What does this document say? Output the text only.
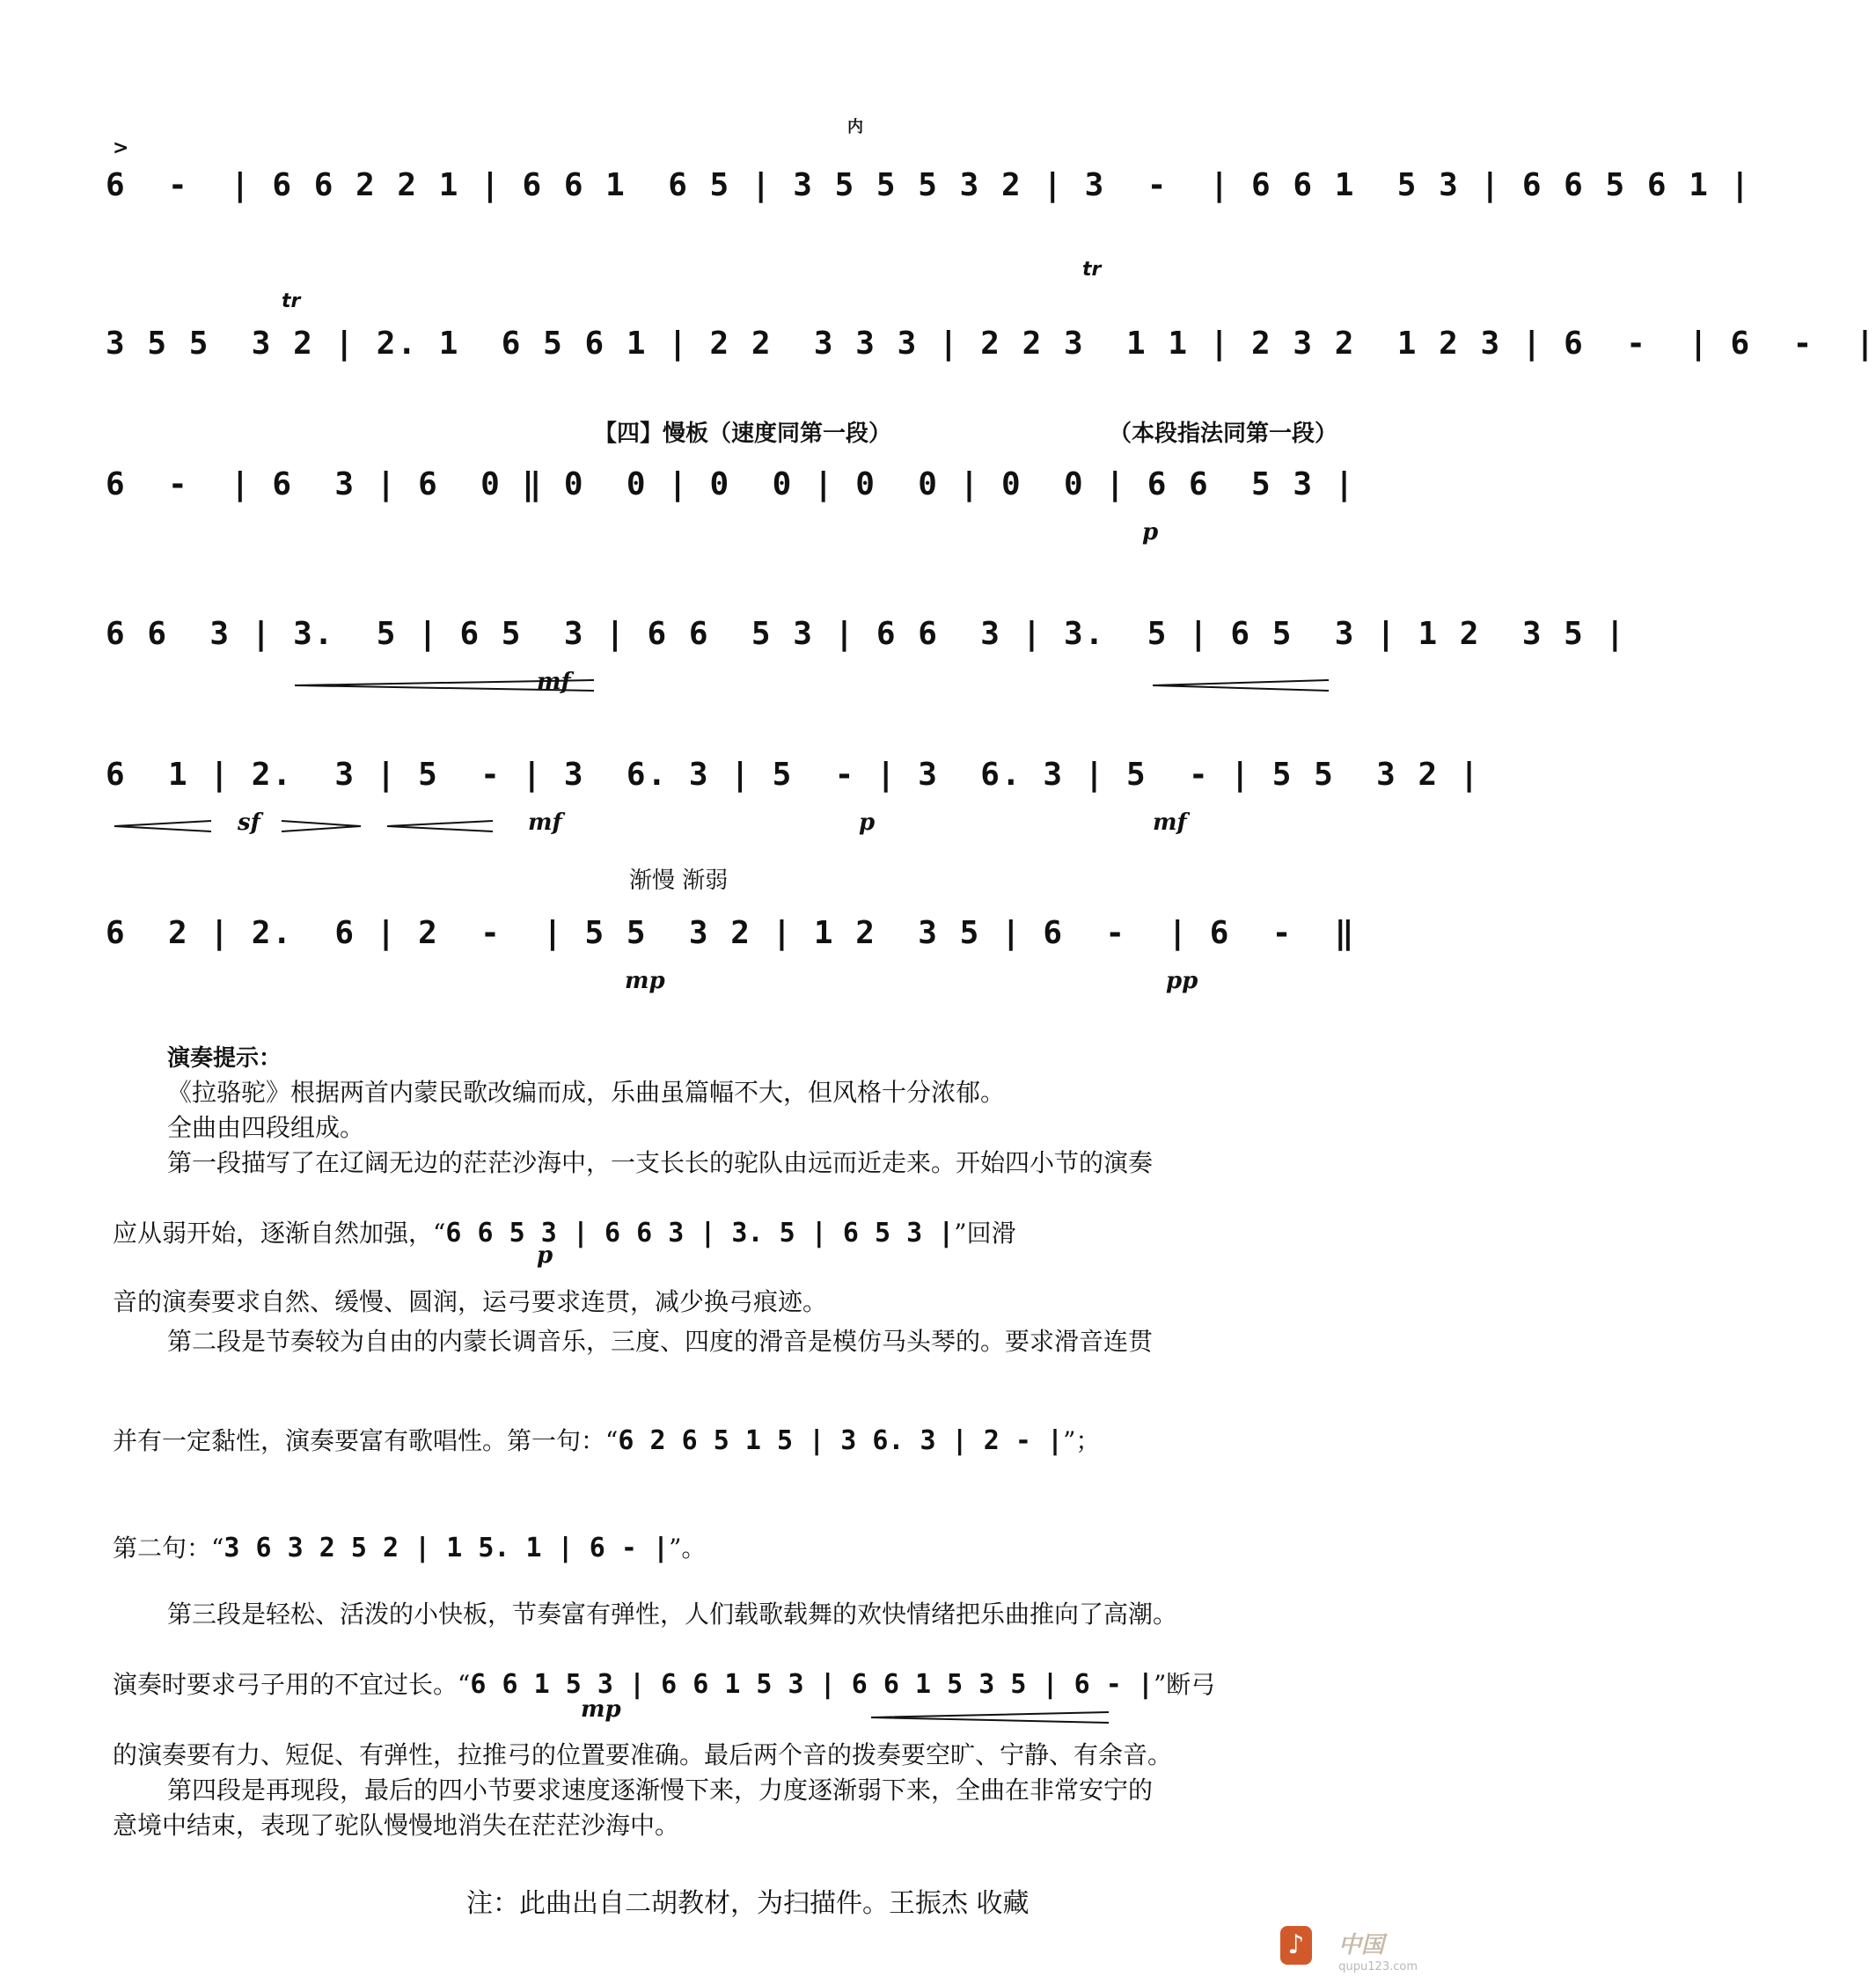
>
内
6  -  | 6 6 2 2 1 | 6 6 1  6 5 | 3 5 5 5 3 2 | 3  -  | 6 6 1  5 3 | 6 6 5 6 1 |
tr
tr
3 5 5  3 2 | 2. 1  6 5 6 1 | 2 2  3 3 3 | 2 2 3  1 1 | 2 3 2  1 2 3 | 6  -  | 6  -  |
【四】慢板（速度同第一段）	（本段指法同第一段）
6  -  | 6  3 | 6  0 ‖ 0  0 | 0  0 | 0  0 | 0  0 | 6 6  5 3 |
p
6 6  3 | 3.  5 | 6 5  3 | 6 6  5 3 | 6 6  3 | 3.  5 | 6 5  3 | 1 2  3 5 |
mf
6  1 | 2.  3 | 5  - | 3  6. 3 | 5  - | 3  6. 3 | 5  - | 5 5  3 2 |
sf	mf	p	mf
渐慢 渐弱
6  2 | 2.  6 | 2  -  | 5 5  3 2 | 1 2  3 5 | 6  -  | 6  -  ‖
mp	pp
演奏提示：
《拉骆驼》根据两首内蒙民歌改编而成，乐曲虽篇幅不大，但风格十分浓郁。
全曲由四段组成。
第一段描写了在辽阔无边的茫茫沙海中，一支长长的驼队由远而近走来。开始四小节的演奏
应从弱开始，逐渐自然加强，“6 6 5 3 | 6 6 3 | 3. 5 | 6 5 3 |”回滑
p
音的演奏要求自然、缓慢、圆润，运弓要求连贯，减少换弓痕迹。
第二段是节奏较为自由的内蒙长调音乐，三度、四度的滑音是模仿马头琴的。要求滑音连贯
并有一定黏性，演奏要富有歌唱性。第一句：“6 2 6 5 1 5 | 3 6. 3 | 2 - |”；
第二句：“3 6 3 2 5 2 | 1 5. 1 | 6 - |”。
第三段是轻松、活泼的小快板，节奏富有弹性，人们载歌载舞的欢快情绪把乐曲推向了高潮。
演奏时要求弓子用的不宜过长。“6 6 1 5 3 | 6 6 1 5 3 | 6 6 1 5 3 5 | 6 - |”断弓
mp
的演奏要有力、短促、有弹性，拉推弓的位置要准确。最后两个音的拨奏要空旷、宁静、有余音。
第四段是再现段，最后的四小节要求速度逐渐慢下来，力度逐渐弱下来，全曲在非常安宁的
意境中结束，表现了驼队慢慢地消失在茫茫沙海中。
注：此曲出自二胡教材，为扫描件。王振杰 收藏
♪	中国
qupu123.com
